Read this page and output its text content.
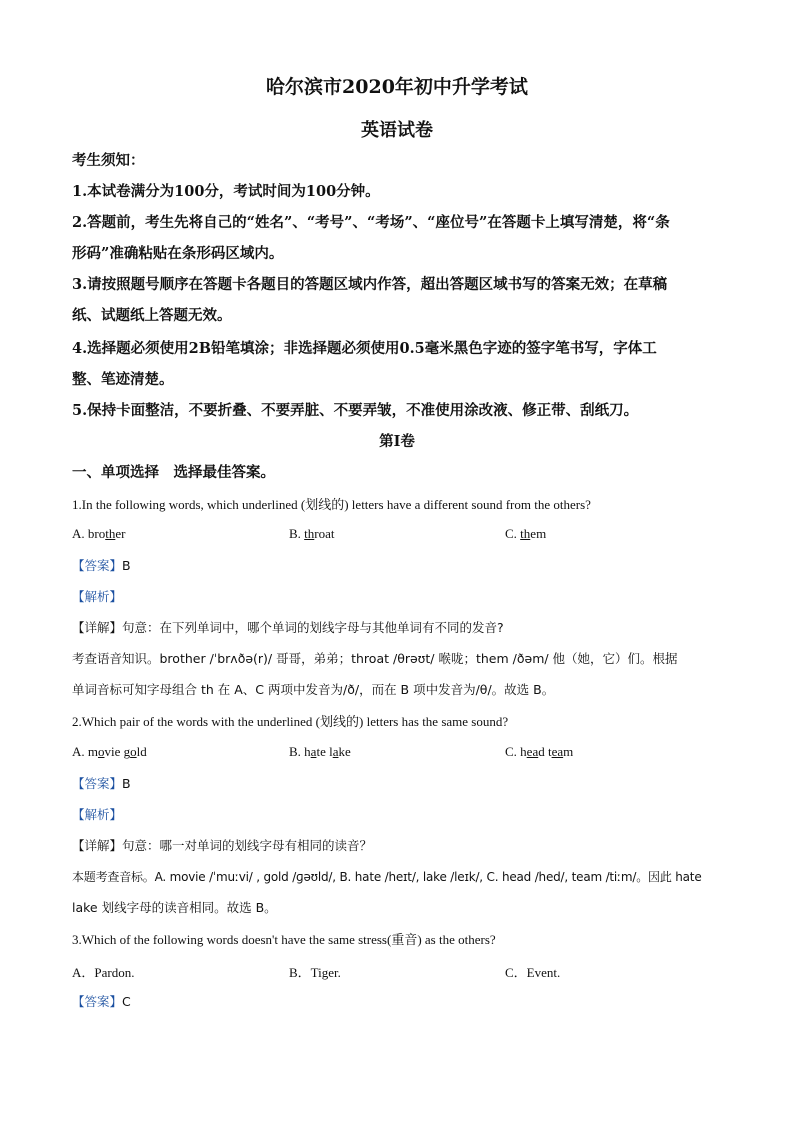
哈尔滨市2020年初中升学考试
英语试卷
考生须知：
1.本试卷满分为100分，考试时间为100分钟。
2.答题前，考生先将自己的“姓名”、“考号”、“考场”、“座位号”在答题卡上填写清楚，将“条
形码”准确粘贴在条形码区域内。
3.请按照题号顺序在答题卡各题目的答题区域内作答，超出答题区域书写的答案无效；在草稿
纸、试题纸上答题无效。
4.选择题必须使用2B铅笔填涂；非选择题必须使用0.5毫米黑色字迹的签字笔书写，字体工
整、笔迹清楚。
5.保持卡面整洁，不要折叠、不要弄脏、不要弄皱，不准使用涂改液、修正带、刮纸刀。
第Ⅰ卷
一、单项选择　选择最佳答案。
1.In the following words, which underlined (划线的) letters have a different sound from the others?
A. brother	B. throat	C. them
【答案】B
【解析】
【详解】句意：在下列单词中，哪个单词的划线字母与其他单词有不同的发音?
考查语音知识。brother /ˈbrʌðə(r)/ 哥哥，弟弟；throat /θrəʊt/ 喉咙；them /ðəm/ 他（她，它）们。根据
单词音标可知字母组合 th 在 A、C 两项中发音为/ð/，而在 B 项中发音为/θ/。故选 B。
2.Which pair of the words with the underlined (划线的) letters has the same sound?
A. movie gold	B. hate lake	C. head team
【答案】B
【解析】
【详解】句意：哪一对单词的划线字母有相同的读音？
本题考查音标。A. movie /ˈmuːvi/ , gold /ɡəʊld/, B. hate /heɪt/, lake /leɪk/, C. head /hed/, team /tiːm/。因此 hate
lake 划线字母的读音相同。故选 B。
3.Which of the following words doesn't have the same stress(重音) as the others?
A．Pardon.	B．Tiger.	C．Event.
【答案】C
